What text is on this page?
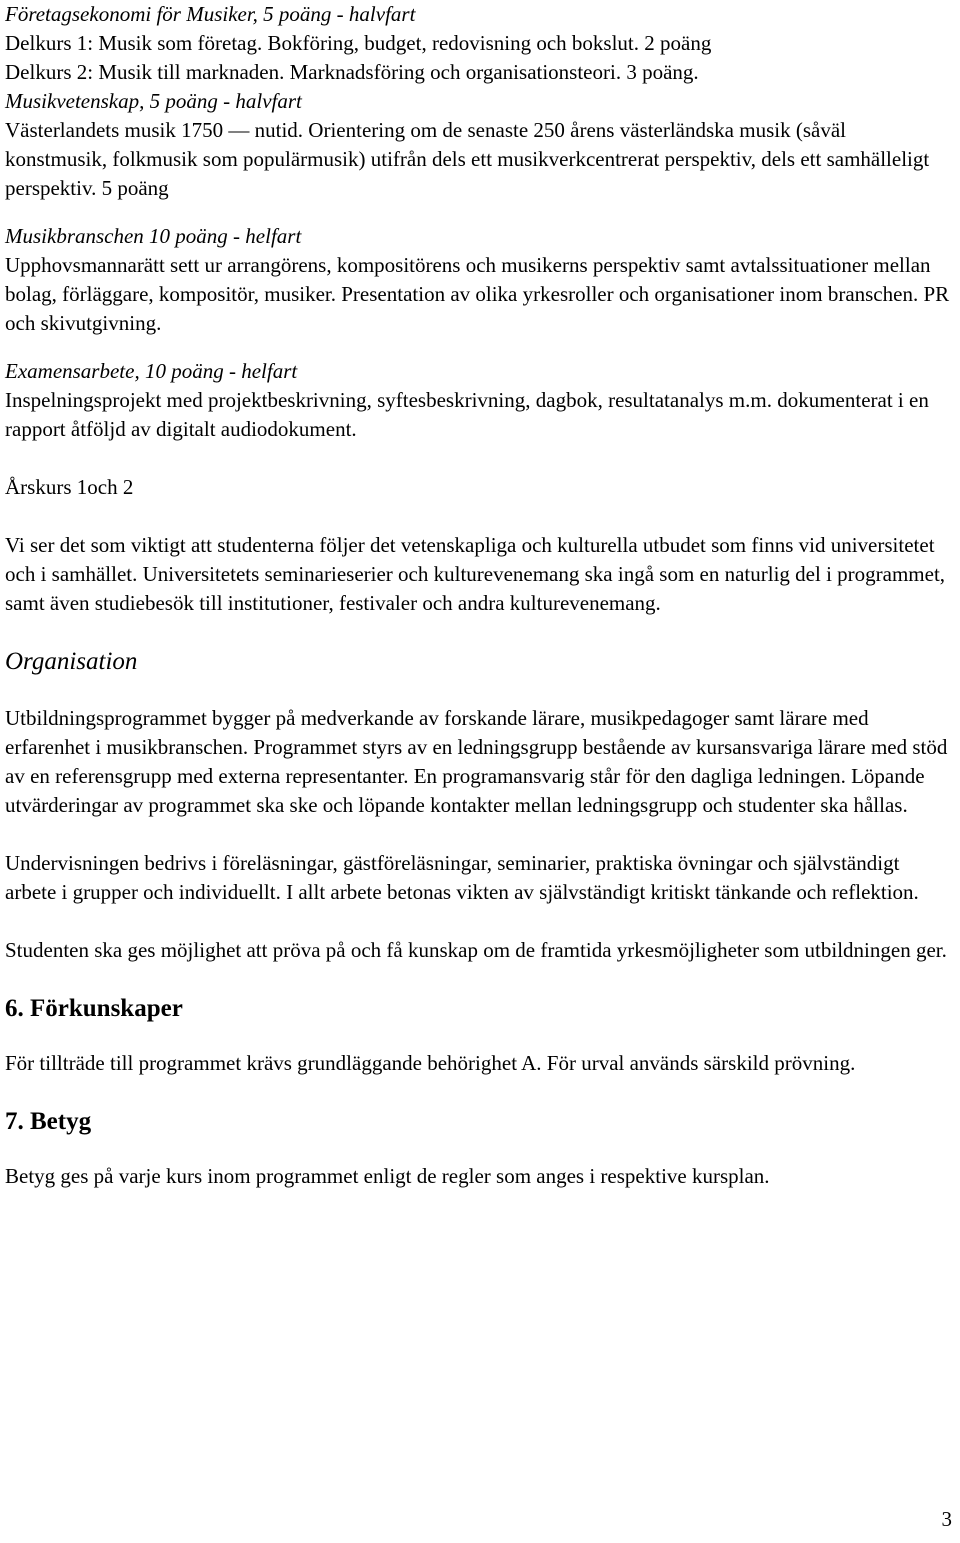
Företagsekonomi för Musiker, 5 poäng - halvfart

Delkurs 1: Musik som företag. Bokföring, budget, redovisning och bokslut. 2 poäng

Delkurs 2: Musik till marknaden. Marknadsföring och organisationsteori. 3 poäng.

Musikvetenskap, 5 poäng - halvfart

Västerlandets musik 1750 — nutid. Orientering om de senaste 250 årens västerländska musik (såväl konstmusik, folkmusik som populärmusik) utifrån dels ett musikverkcentrerat perspektiv, dels ett samhälleligt perspektiv. 5 poäng

Musikbranschen 10 poäng - helfart

Upphovsmannarätt sett ur arrangörens, kompositörens och musikerns perspektiv samt avtalssituationer mellan bolag, förläggare, kompositör, musiker. Presentation av olika yrkesroller och organisationer inom branschen. PR och skivutgivning.

Examensarbete, 10 poäng - helfart

Inspelningsprojekt med projektbeskrivning, syftesbeskrivning, dagbok, resultatanalys m.m. dokumenterat i en rapport åtföljd av digitalt audiodokument.

Årskurs 1och 2

Vi ser det som viktigt att studenterna följer det vetenskapliga och kulturella utbudet som finns vid universitetet och i samhället. Universitetets seminarieserier och kulturevenemang ska ingå som en naturlig del i programmet, samt även studiebesök till institutioner, festivaler och andra kulturevenemang.

Organisation

Utbildningsprogrammet bygger på medverkande av forskande lärare, musikpedagoger samt lärare med erfarenhet i musikbranschen. Programmet styrs av en ledningsgrupp bestående av kursansvariga lärare med stöd av en referensgrupp med externa representanter. En programansvarig står för den dagliga ledningen. Löpande utvärderingar av programmet ska ske och löpande kontakter mellan ledningsgrupp och studenter ska hållas.

Undervisningen bedrivs i föreläsningar, gästföreläsningar, seminarier, praktiska övningar och självständigt arbete i grupper och individuellt. I allt arbete betonas vikten av självständigt kritiskt tänkande och reflektion.

Studenten ska ges möjlighet att pröva på och få kunskap om de framtida yrkesmöjligheter som utbildningen ger.

6. Förkunskaper

För tillträde till programmet krävs grundläggande behörighet A. För urval används särskild prövning.

7. Betyg

Betyg ges på varje kurs inom programmet enligt de regler som anges i respektive kursplan.

3
